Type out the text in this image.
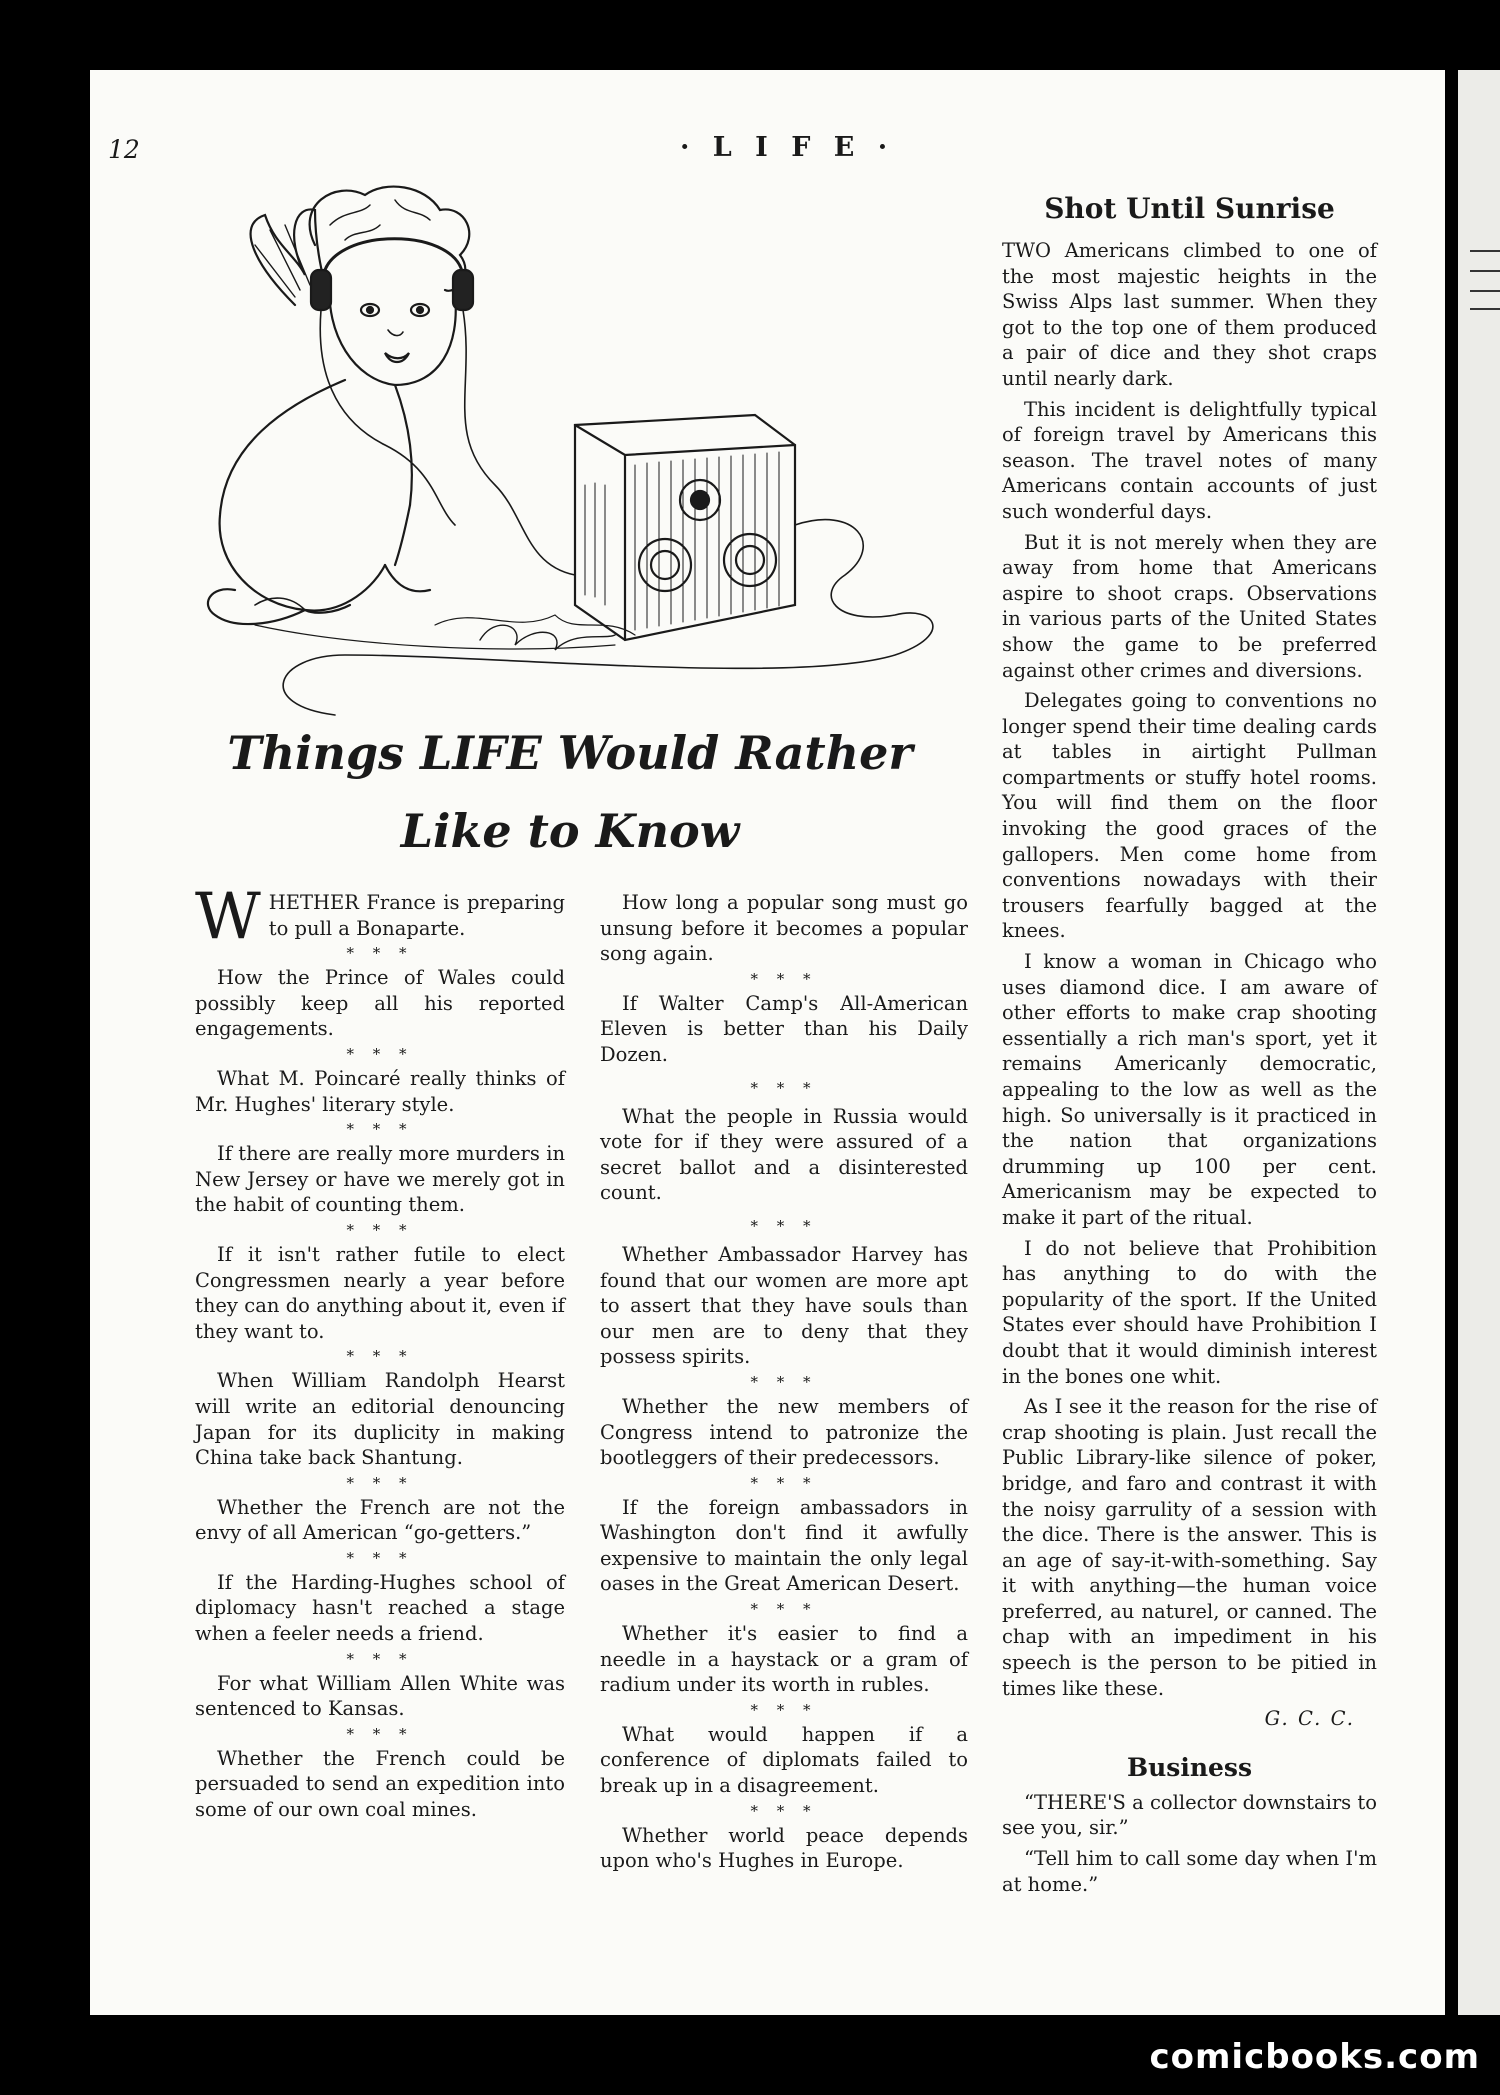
12	· L I F E ·
Things LIFE Would Rather
Like to Know

WHETHER France is preparing to pull a Bonaparte.

* * *

How the Prince of Wales could possibly keep all his reported engagements.

* * *

What M. Poincaré really thinks of Mr. Hughes' literary style.

* * *

If there are really more murders in New Jersey or have we merely got in the habit of counting them.

* * *

If it isn't rather futile to elect Congressmen nearly a year before they can do anything about it, even if they want to.

* * *

When William Randolph Hearst will write an editorial denouncing Japan for its duplicity in making China take back Shantung.

* * *

Whether the French are not the envy of all American “go-getters.”

* * *

If the Harding-Hughes school of diplomacy hasn't reached a stage when a feeler needs a friend.

* * *

For what William Allen White was sentenced to Kansas.

* * *

Whether the French could be persuaded to send an expedition into some of our own coal mines.

How long a popular song must go unsung before it becomes a popular song again.

* * *

If Walter Camp's All-American Eleven is better than his Daily Dozen.

* * *

What the people in Russia would vote for if they were assured of a secret ballot and a disinterested count.

* * *

Whether Ambassador Harvey has found that our women are more apt to assert that they have souls than our men are to deny that they possess spirits.

* * *

Whether the new members of Congress intend to patronize the bootleggers of their predecessors.

* * *

If the foreign ambassadors in Washington don't find it awfully expensive to maintain the only legal oases in the Great American Desert.

* * *

Whether it's easier to find a needle in a haystack or a gram of radium under its worth in rubles.

* * *

What would happen if a conference of diplomats failed to break up in a disagreement.

* * *

Whether world peace depends upon who's Hughes in Europe.

Shot Until Sunrise

TWO Americans climbed to one of the most majestic heights in the Swiss Alps last summer. When they got to the top one of them produced a pair of dice and they shot craps until nearly dark.

This incident is delightfully typical of foreign travel by Americans this season. The travel notes of many Americans contain accounts of just such wonderful days.

But it is not merely when they are away from home that Americans aspire to shoot craps. Observations in various parts of the United States show the game to be preferred against other crimes and diversions.

Delegates going to conventions no longer spend their time dealing cards at tables in airtight Pullman compartments or stuffy hotel rooms. You will find them on the floor invoking the good graces of the gallopers. Men come home from conventions nowadays with their trousers fearfully bagged at the knees.

I know a woman in Chicago who uses diamond dice. I am aware of other efforts to make crap shooting essentially a rich man's sport, yet it remains Americanly democratic, appealing to the low as well as the high. So universally is it practiced in the nation that organizations drumming up 100 per cent. Americanism may be expected to make it part of the ritual.

I do not believe that Prohibition has anything to do with the popularity of the sport. If the United States ever should have Prohibition I doubt that it would diminish interest in the bones one whit.

As I see it the reason for the rise of crap shooting is plain. Just recall the Public Library-like silence of poker, bridge, and faro and contrast it with the noisy garrulity of a session with the dice. There is the answer. This is an age of say-it-with-something. Say it with anything—the human voice preferred, au naturel, or canned. The chap with an impediment in his speech is the person to be pitied in times like these.

G. C. C.
Business

“THERE'S a collector downstairs to see you, sir.”

“Tell him to call some day when I'm at home.”

comicbooks.com
